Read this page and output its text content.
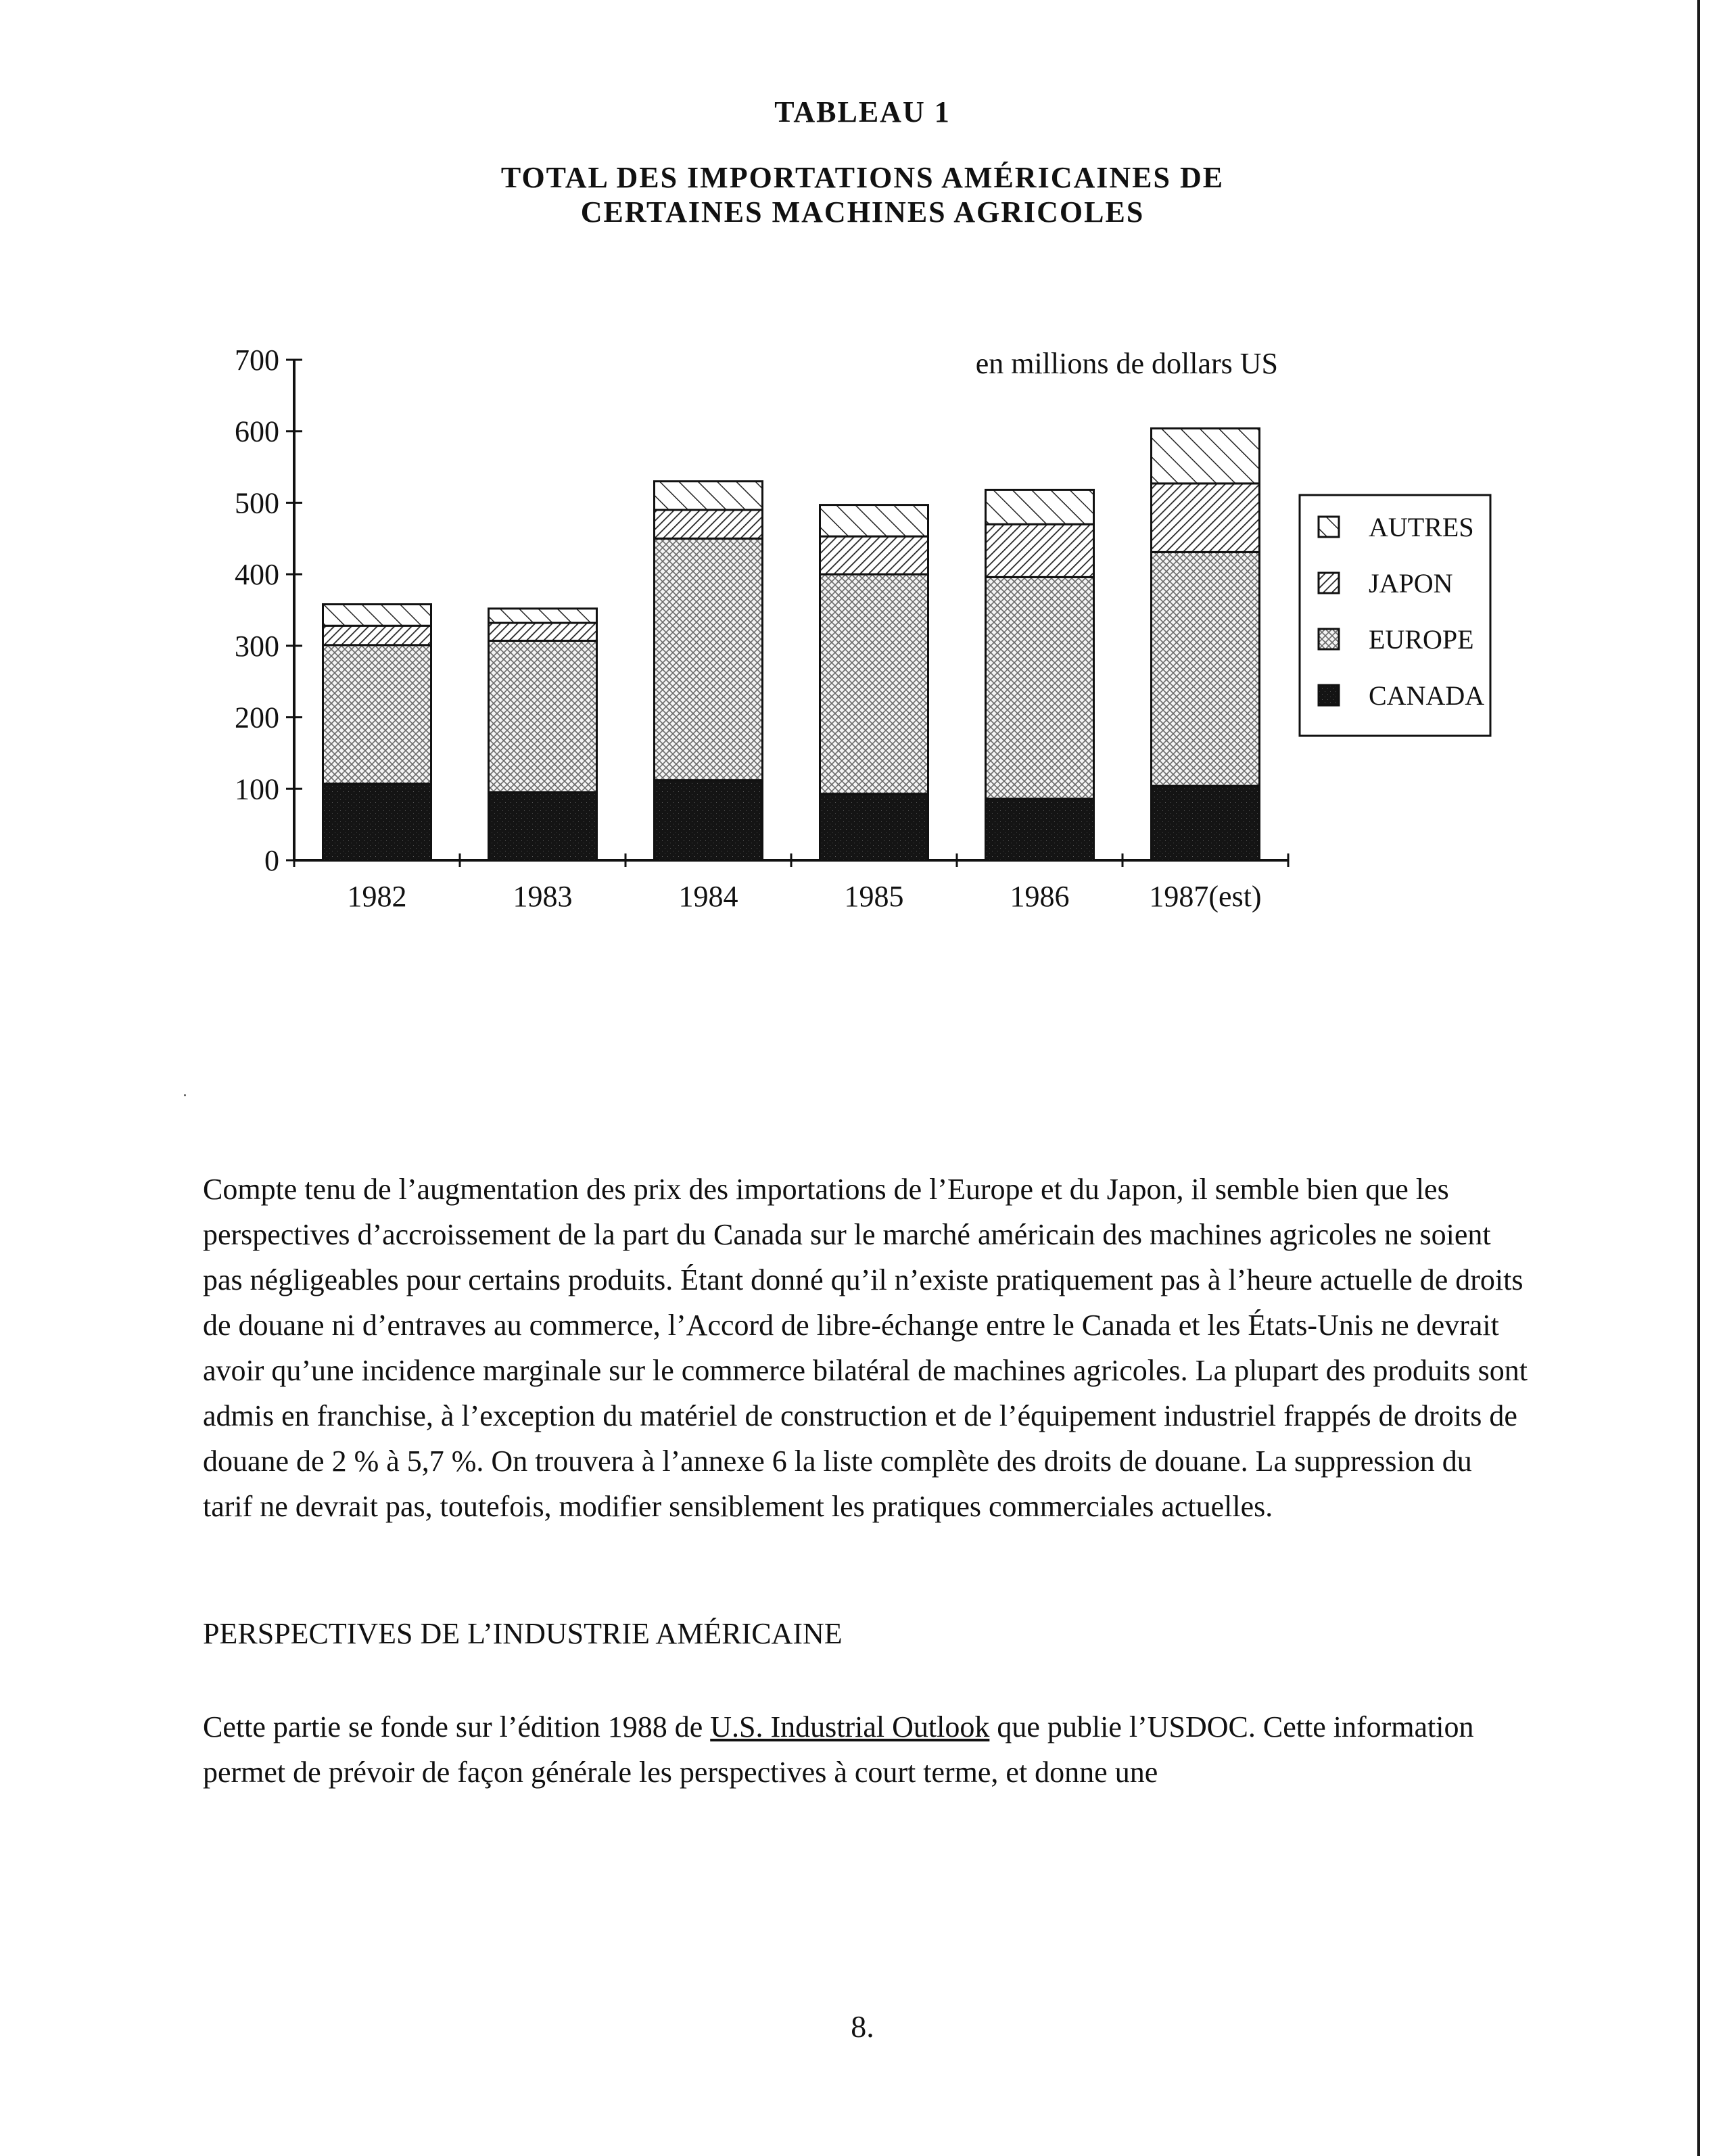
TABLEAU 1
TOTAL DES IMPORTATIONS AMÉRICAINES DE
CERTAINES MACHINES AGRICOLES
en millions de dollars US
0
100
200
300
400
500
600
700
1982	1983	1984	1985	1986	1987(est)
AUTRES
JAPON
EUROPE
CANADA

Compte tenu de l’augmentation des prix des importations de l’Europe et du Japon, il semble bien que les perspectives d’accroissement de la part du Canada sur le marché américain des machines agricoles ne soient pas négligeables pour certains produits. Étant donné qu’il n’existe pratiquement pas à l’heure actuelle de droits de douane ni d’entraves au commerce, l’Accord de libre-échange entre le Canada et les États-Unis ne devrait avoir qu’une incidence marginale sur le commerce bilatéral de machines agricoles. La plupart des produits sont admis en franchise, à l’exception du matériel de construction et de l’équipement industriel frappés de droits de douane de 2 % à 5,7 %. On trouvera à l’annexe 6 la liste complète des droits de douane. La suppression du tarif ne devrait pas, toutefois, modifier sensiblement les pratiques commerciales actuelles.

PERSPECTIVES DE L’INDUSTRIE AMÉRICAINE

Cette partie se fonde sur l’édition 1988 de U.S. Industrial Outlook que publie l’USDOC. Cette information permet de prévoir de façon générale les perspectives à court terme, et donne une

8.
